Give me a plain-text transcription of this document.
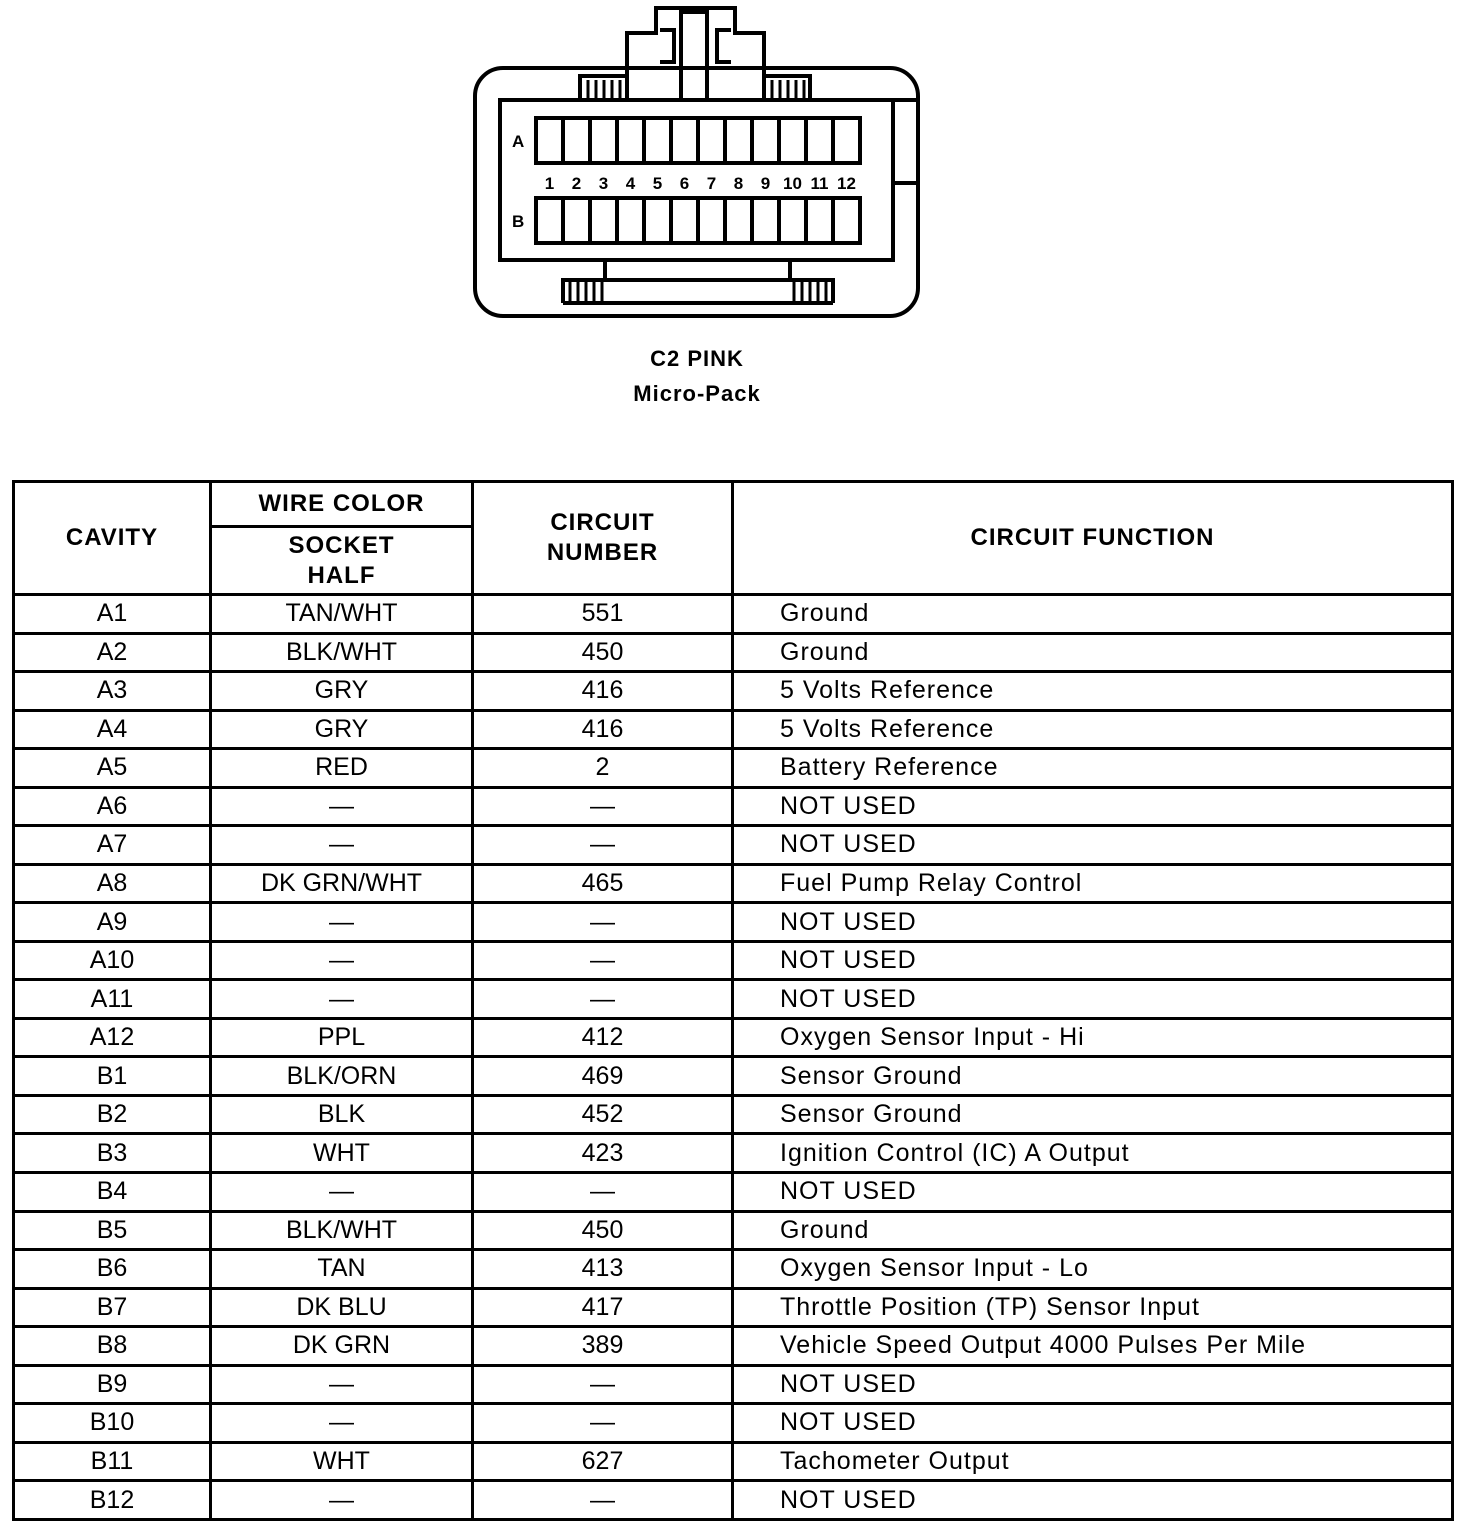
A
B
1 2 3 4 5 6 7 8 9 10 11 12
C2 PINK
Micro-Pack
CAVITY	WIRE COLOR	CIRCUIT NUMBER	CIRCUIT FUNCTION

	SOCKET HALF		

A1	TAN/WHT	551	Ground
A2	BLK/WHT	450	Ground
A3	GRY	416	5 Volts Reference
A4	GRY	416	5 Volts Reference
A5	RED	2	Battery Reference
A6	—	—	NOT USED
A7	—	—	NOT USED
A8	DK GRN/WHT	465	Fuel Pump Relay Control
A9	—	—	NOT USED
A10	—	—	NOT USED
A11	—	—	NOT USED
A12	PPL	412	Oxygen Sensor Input - Hi
B1	BLK/ORN	469	Sensor Ground
B2	BLK	452	Sensor Ground
B3	WHT	423	Ignition Control (IC) A Output
B4	—	—	NOT USED
B5	BLK/WHT	450	Ground
B6	TAN	413	Oxygen Sensor Input - Lo
B7	DK BLU	417	Throttle Position (TP) Sensor Input
B8	DK GRN	389	Vehicle Speed Output 4000 Pulses Per Mile
B9	—	—	NOT USED
B10	—	—	NOT USED
B11	WHT	627	Tachometer Output
B12	—	—	NOT USED
